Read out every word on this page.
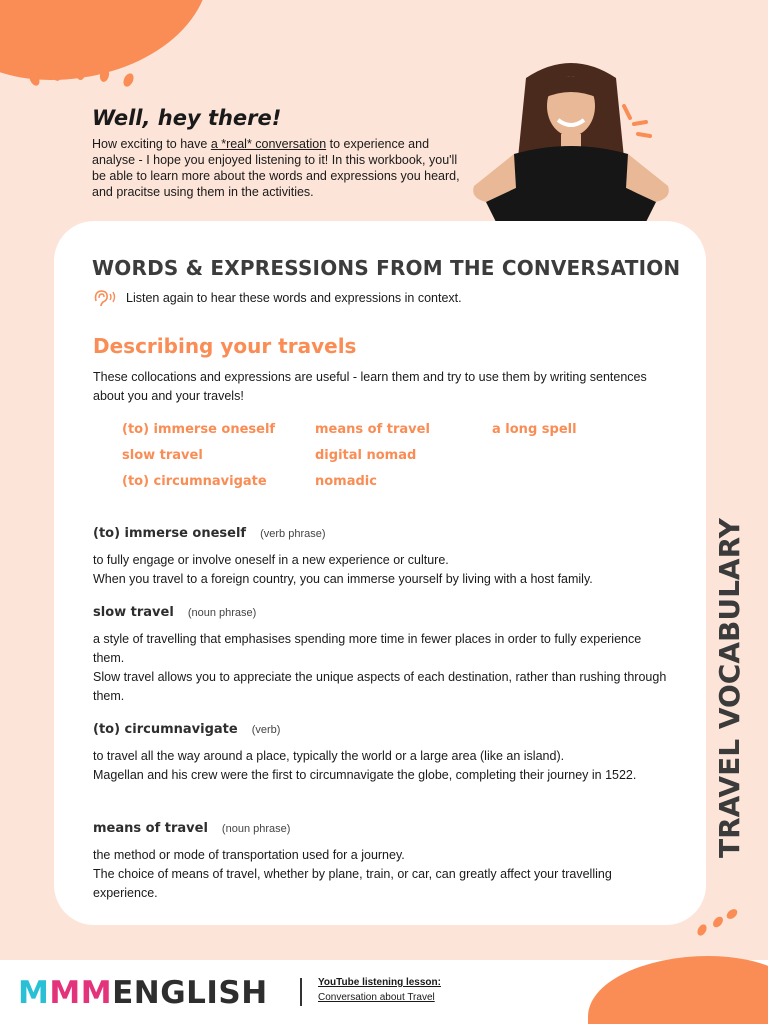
Well, hey there!

How exciting to have a *real* conversation to experience and analyse - I hope you enjoyed listening to it! In this workbook, you'll be able to learn more about the words and expressions you heard, and pracitse using them in the activities.

WORDS & EXPRESSIONS FROM THE CONVERSATION
Listen again to hear these words and expressions in context.
Describing your travels
These collocations and expressions are useful - learn them and try to use them by writing sentences about you and your travels!
(to) immerse oneself
slow travel
(to) circumnavigate
means of travel
digital nomad
nomadic
a long spell
(to) immerse oneself (verb phrase)
to fully engage or involve oneself in a new experience or culture.
When you travel to a foreign country, you can immerse yourself by living with a host family.
slow travel (noun phrase)
a style of travelling that emphasises spending more time in fewer places in order to fully experience them.
Slow travel allows you to appreciate the unique aspects of each destination, rather than rushing through them.
(to) circumnavigate (verb)
to travel all the way around a place, typically the world or a large area (like an island).
Magellan and his crew were the first to circumnavigate the globe, completing their journey in 1522.
means of travel (noun phrase)
the method or mode of transportation used for a journey.
The choice of means of travel, whether by plane, train, or car, can greatly affect your travelling experience.
TRAVEL VOCABULARY
MMMENGLISH	YouTube listening lesson:
Conversation about Travel
